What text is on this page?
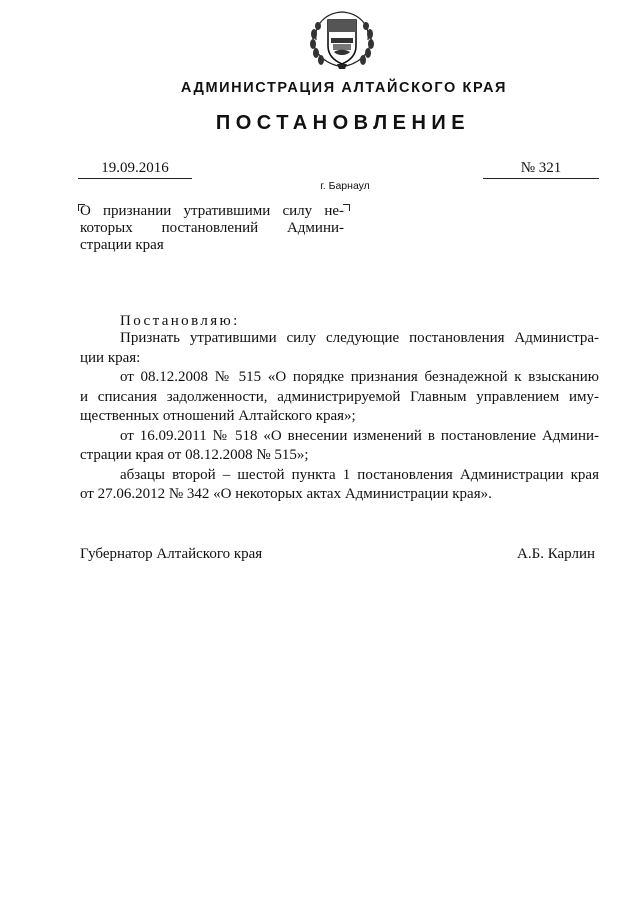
АДМИНИСТРАЦИЯ АЛТАЙСКОГО КРАЯ
ПОСТАНОВЛЕНИЕ
19.09.2016	№ 321
г. Барнаул
О признании утратившими силу не-
которых постановлений Админи-
страции края
Постановляю:
Признать утратившими силу следующие постановления Администра-
ции края:
от 08.12.2008 № 515 «О порядке признания безнадежной к взысканию
и списания задолженности, администрируемой Главным управлением иму-
щественных отношений Алтайского края»;
от 16.09.2011 № 518 «О внесении изменений в постановление Админи-
страции края от 08.12.2008 № 515»;
абзацы второй – шестой пункта 1 постановления Администрации края
от 27.06.2012 № 342 «О некоторых актах Администрации края».
Губернатор Алтайского края	А.Б. Карлин
